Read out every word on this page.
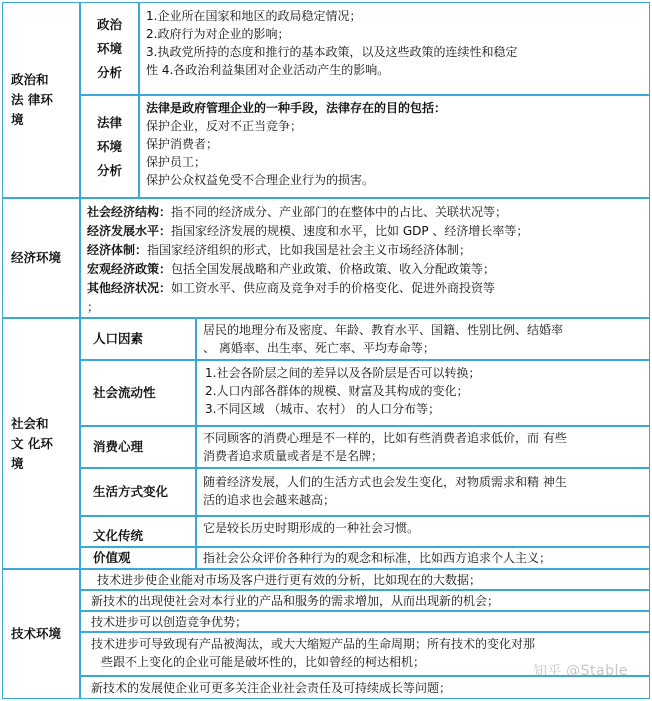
政治和
法 律环
境
政治
环境
分析
1.企业所在国家和地区的政局稳定情况；
2.政府行为对企业的影响；
3.执政党所持的态度和推行的基本政策，以及这些政策的连续性和稳定
性 4.各政治利益集团对企业活动产生的影响。
法律
环境
分析
法律是政府管理企业的一种手段，法律存在的目的包括：
保护企业，反对不正当竞争；
保护消费者；
保护员工；
保护公众权益免受不合理企业行为的损害。
经济环境
社会经济结构：指不同的经济成分、产业部门的在整体中的占比、关联状况等；
经济发展水平：指国家经济发展的规模、速度和水平，比如 GDP 、经济增长率等；
经济体制：指国家经济组织的形式，比如我国是社会主义市场经济体制；
宏观经济政策：包括全国发展战略和产业政策、价格政策、收入分配政策等；
其他经济状况：如工资水平、供应商及竞争对手的价格变化、促进外商投资等
；
社会和
文 化环
境
人口因素
居民的地理分布及密度、年龄、教育水平、国籍、性别比例、结婚率
、 离婚率、出生率、死亡率、平均寿命等；
社会流动性
1.社会各阶层之间的差异以及各阶层是否可以转换；
2.人口内部各群体的规模、财富及其构成的变化；
3.不同区域 （城市、农村） 的人口分布等；
消费心理
不同顾客的消费心理是不一样的，比如有些消费者追求低价，而 有些
消费者追求质量或者是不是名牌；
生活方式变化
随着经济发展，人们的生活方式也会发生变化，对物质需求和精 神生
活的追求也会越来越高；
文化传统	它是较长历史时期形成的一种社会习惯。
价值观	指社会公众评价各种行为的观念和标准，比如西方追求个人主义；
技术环境
技术进步使企业能对市场及客户进行更有效的分析，比如现在的大数据；
新技术的出现使社会对本行业的产品和服务的需求增加，从而出现新的机会；
技术进步可以创造竞争优势；
技术进步可导致现有产品被淘汰，或大大缩短产品的生命周期；所有技术的变化对那
些跟不上变化的企业可能是破坏性的，比如曾经的柯达相机；
新技术的发展使企业可更多关注企业社会责任及可持续成长等问题；
知乎 @Stable
